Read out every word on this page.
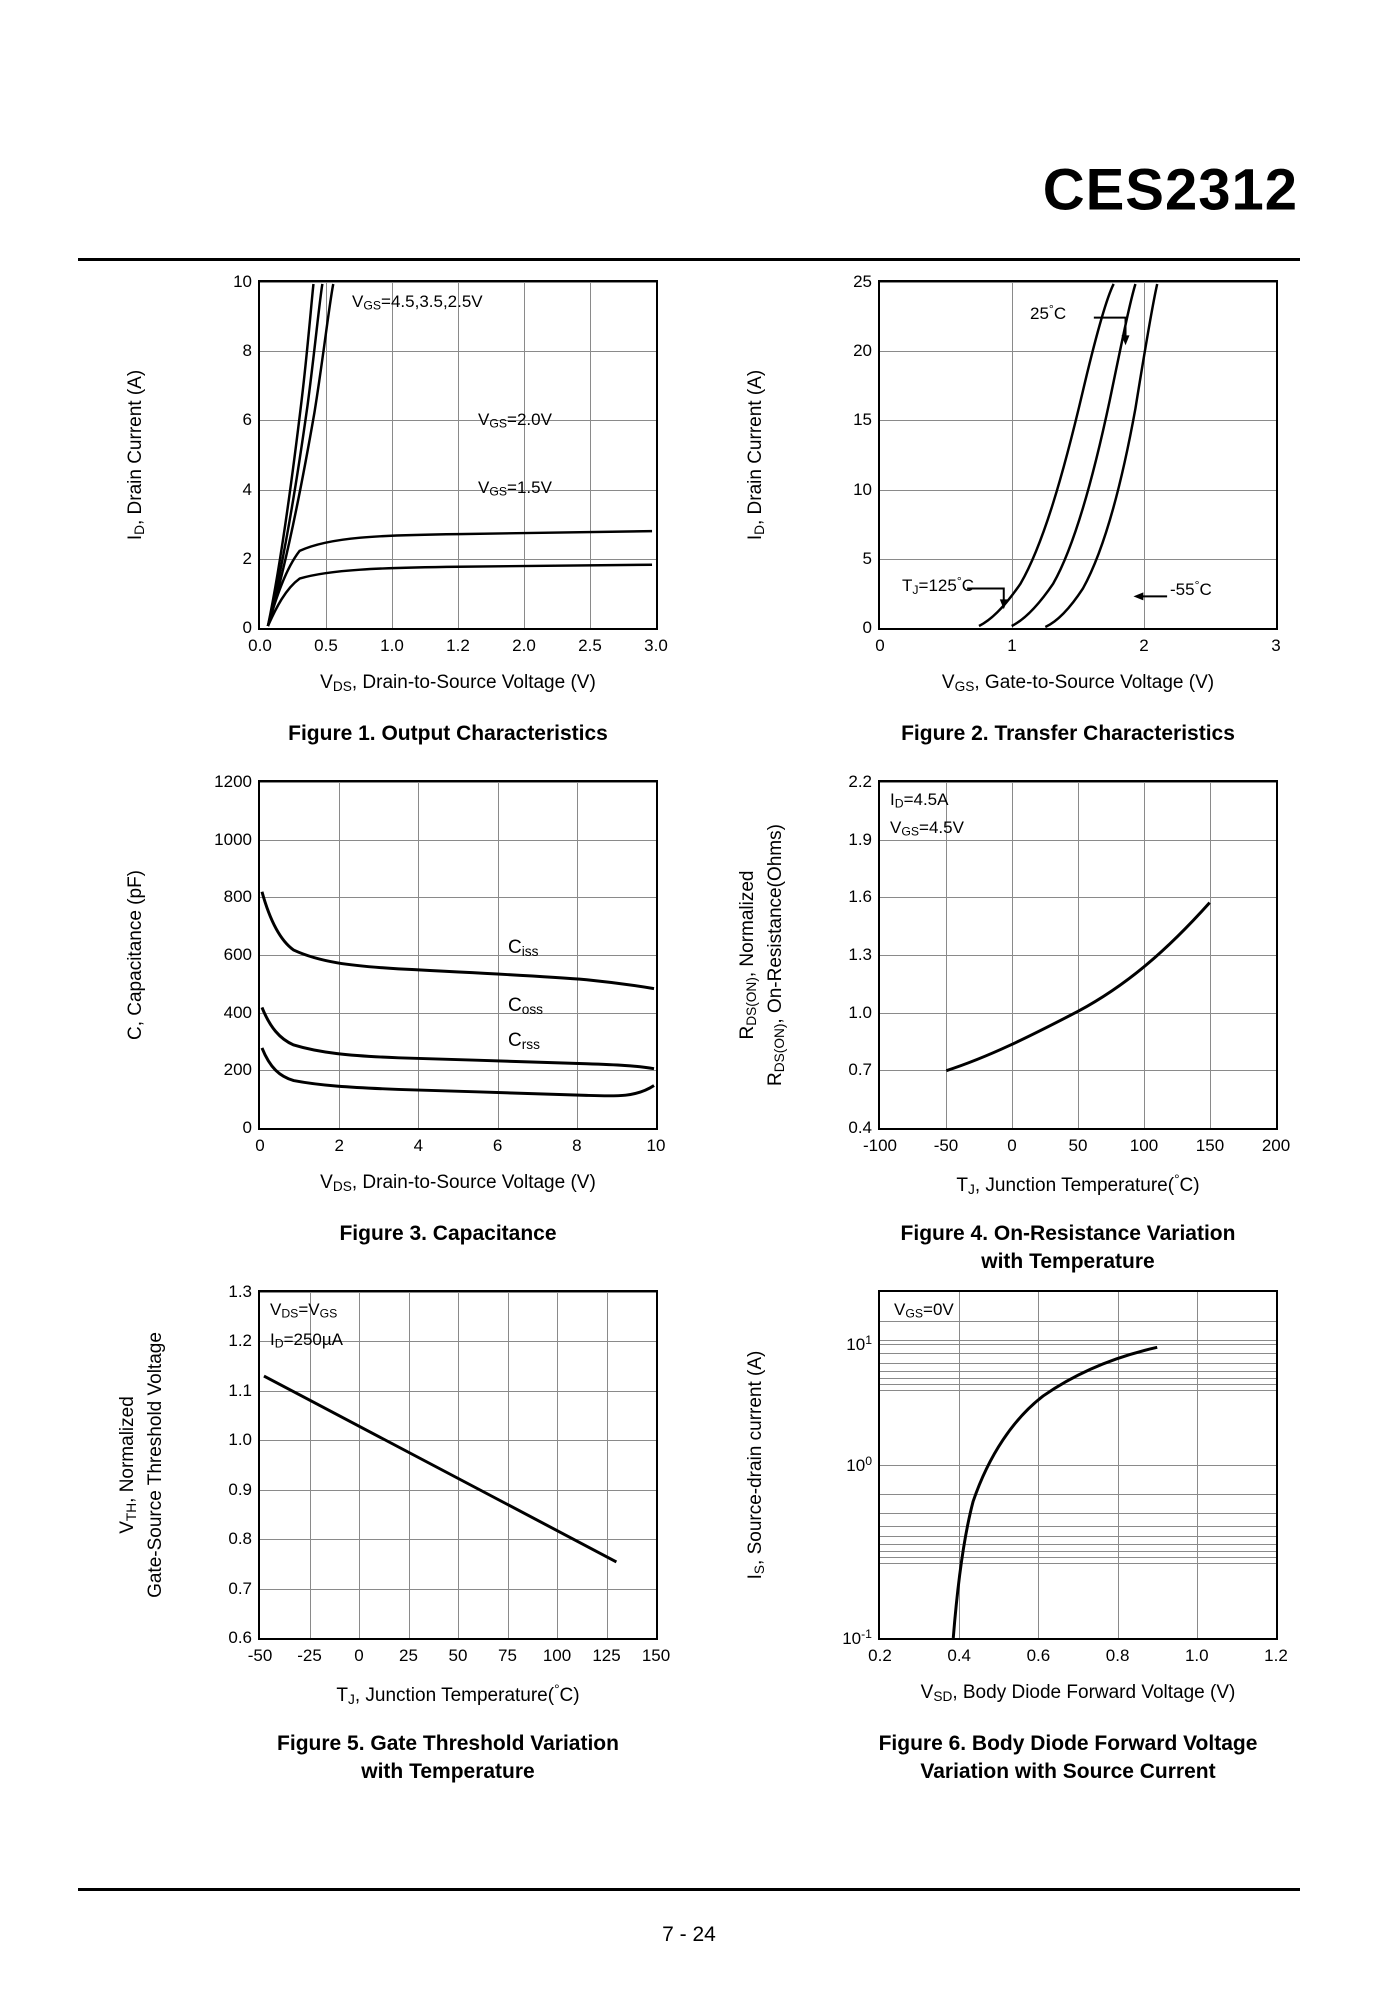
CES2312
$I_D$, Drain Current (A)
0
2
4
6
8
10
0.0 0.5 1.0 1.2 2.0 2.5 3.0
$V_{GS}=4.5,3.5,2.5V$
$V_{GS}=2.0V$
$V_{GS}=1.5V$
$V_{DS}$, Drain-to-Source Voltage (V)
Figure 1. Output Characteristics
$I_D$, Drain Current (A)
0
5
10
15
20
25
0	1	2	3
25°C
$T_J=125^\circ C$	-55°C
$V_{GS}$, Gate-to-Source Voltage (V)
Figure 2. Transfer Characteristics
C, Capacitance (pF)
0
200
400
600
800
1000
1200
0	2	4	6	8	10
$C_{iss}$
$C_{oss}$
$C_{rss}$
$V_{DS}$, Drain-to-Source Voltage (V)
Figure 3. Capacitance
$R_{DS(ON)}$, On-Resistance(Ohms)
$R_{DS(ON)}$, Normalized
0.4
0.7
1.0
1.3
1.6
1.9
2.2
-100 -50	0	50 100 150 200
$I_D=4.5A$
$V_{GS}=4.5V$
$T_J$, Junction Temperature(°C)
Figure 4. On-Resistance Variation
with Temperature
Gate-Source Threshold Voltage
$V_{TH}$, Normalized
0.6
0.7
0.8
0.9
1.0
1.1
1.2
1.3
-50 -25 0 25 50 75 100 125 150
$V_{DS}=V_{GS}$
$I_D=250\mu A$
$T_J$, Junction Temperature(°C)
Figure 5. Gate Threshold Variation
with Temperature
$I_S$, Source-drain current (A)
$10^{-1}$
$10^0$
$10^1$
0.2	0.4	0.6	0.8	1.0	1.2
$V_{GS}=0V$
$V_{SD}$, Body Diode Forward Voltage (V)
Figure 6. Body Diode Forward Voltage
Variation with Source Current
7 - 24
